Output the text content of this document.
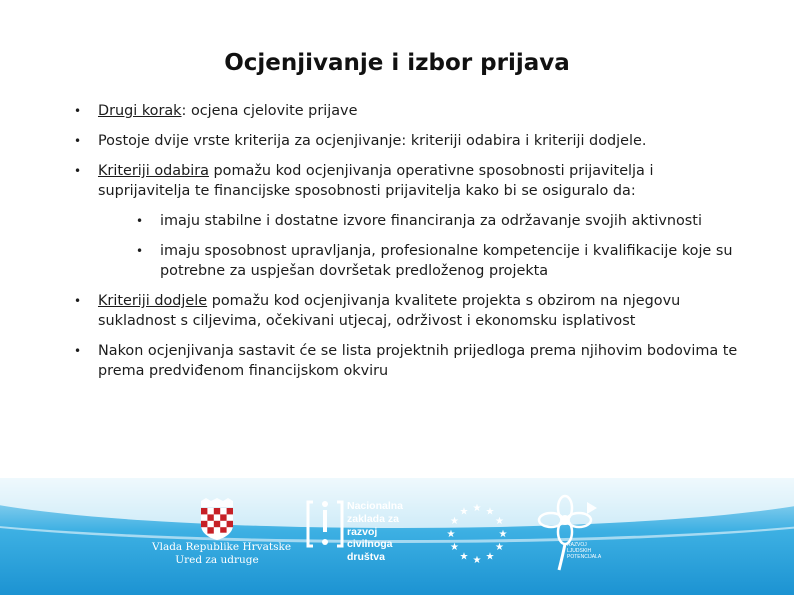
Ocjenjivanje i izbor prijava
• Drugi korak: ocjena cjelovite prijave
• Postoje dvije vrste kriterija za ocjenjivanje: kriteriji odabira i kriteriji dodjele.
• Kriteriji odabira pomažu kod ocjenjivanja operativne sposobnosti prijavitelja i suprijavitelja te financijske sposobnosti prijavitelja kako bi se osiguralo da:
• imaju stabilne i dostatne izvore financiranja za održavanje svojih aktivnosti
• imaju sposobnost upravljanja, profesionalne kompetencije i kvalifikacije koje su potrebne za uspješan dovršetak predloženog projekta
• Kriteriji dodjele pomažu kod ocjenjivanja kvalitete projekta s obzirom na njegovu sukladnost s ciljevima, očekivani utjecaj, održivost i ekonomsku isplativost
• Nakon ocjenjivanja sastavit će se lista projektnih prijedloga prema njihovim bodovima te prema predviđenom financijskom okviru
Vlada Republike Hrvatske
Ured za udruge
Nacionalna
zaklada za
razvoj
civilnoga
društva
★ ★
★
★
★
★
★
★
★
★
★
★
RAZVOJ
LJUDSKIH
POTENCIJALA
